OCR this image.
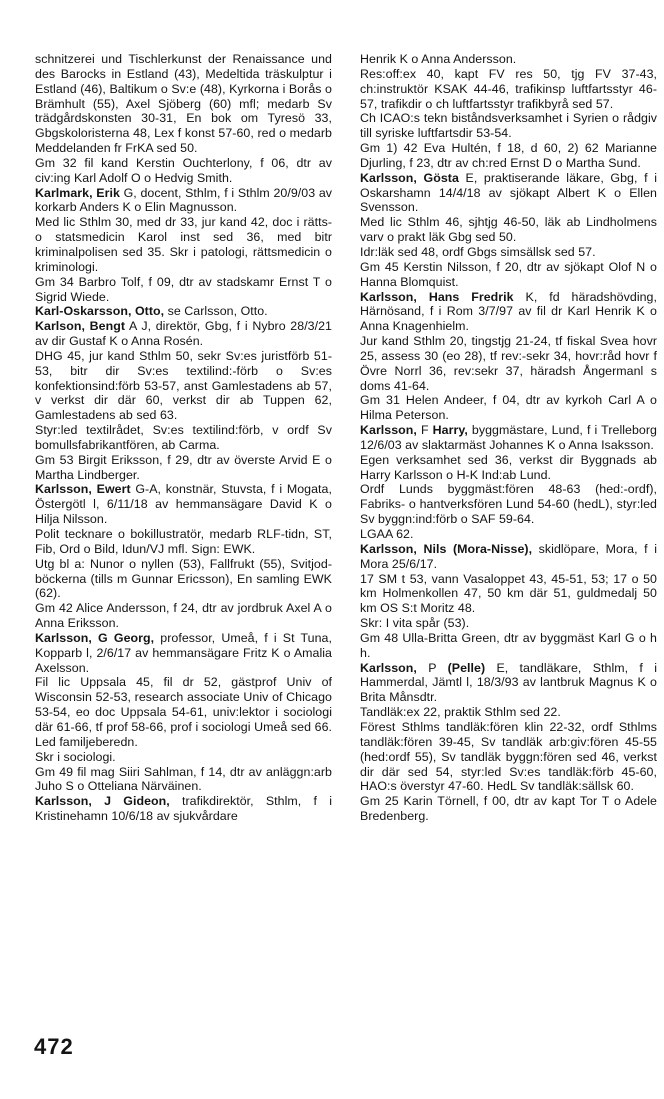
schnitzerei und Tischlerkunst der Renaissance und des Barocks in Estland (43), Medeltida träskulptur i Estland (46), Baltikum o Sv:e (48), Kyrkorna i Borås o Brämhult (55), Axel Sjöberg (60) mfl; medarb Sv trädgårdskonsten 30-31, En bok om Tyresö 33, Gbgskoloristerna 48, Lex f konst 57-60, red o medarb Meddelanden fr FrKA sed 50.

Gm 32 fil kand Kerstin Ouchterlony, f 06, dtr av civ:ing Karl Adolf O o Hedvig Smith.

Karlmark, Erik G, docent, Sthlm, f i Sthlm 20/9/03 av korkarb Anders K o Elin Magnusson.

Med lic Sthlm 30, med dr 33, jur kand 42, doc i rätts- o statsmedicin Karol inst sed 36, med bitr kriminalpolisen sed 35. Skr i patologi, rättsmedicin o kriminologi.

Gm 34 Barbro Tolf, f 09, dtr av stadskamr Ernst T o Sigrid Wiede.

Karl-Oskarsson, Otto, se Carlsson, Otto.

Karlson, Bengt A J, direktör, Gbg, f i Nybro 28/3/21 av dir Gustaf K o Anna Rosén.

DHG 45, jur kand Sthlm 50, sekr Sv:es juristförb 51-53, bitr dir Sv:es textilind:-förb o Sv:es konfektionsind:förb 53-57, anst Gamlestadens ab 57, v verkst dir där 60, verkst dir ab Tuppen 62, Gamlestadens ab sed 63.

Styr:led textilrådet, Sv:es textilind:förb, v ordf Sv bomullsfabrikantfören, ab Carma.

Gm 53 Birgit Eriksson, f 29, dtr av överste Arvid E o Martha Lindberger.

Karlsson, Ewert G-A, konstnär, Stuvsta, f i Mogata, Östergötl l, 6/11/18 av hemmansägare David K o Hilja Nilsson.

Polit tecknare o bokillustratör, medarb RLF-tidn, ST, Fib, Ord o Bild, Idun/VJ mfl. Sign: EWK.

Utg bl a: Nunor o nyllen (53), Fallfrukt (55), Svitjod-böckerna (tills m Gunnar Ericsson), En samling EWK (62).

Gm 42 Alice Andersson, f 24, dtr av jordbruk Axel A o Anna Eriksson.

Karlsson, G Georg, professor, Umeå, f i St Tuna, Kopparb l, 2/6/17 av hemmansägare Fritz K o Amalia Axelsson.

Fil lic Uppsala 45, fil dr 52, gästprof Univ of Wisconsin 52-53, research associate Univ of Chicago 53-54, eo doc Uppsala 54-61, univ:lektor i sociologi där 61-66, tf prof 58-66, prof i sociologi Umeå sed 66. Led familjeberedn.

Skr i sociologi.

Gm 49 fil mag Siiri Sahlman, f 14, dtr av anläggn:arb Juho S o Otteliana Närväinen.

Karlsson, J Gideon, trafikdirektör, Sthlm, f i Kristinehamn 10/6/18 av sjukvårdare

Henrik K o Anna Andersson.

Res:off:ex 40, kapt FV res 50, tjg FV 37-43, ch:instruktör KSAK 44-46, trafikinsp luftfartsstyr 46-57, trafikdir o ch luftfartsstyr trafikbyrå sed 57.

Ch ICAO:s tekn biståndsverksamhet i Syrien o rådgiv till syriske luftfartsdir 53-54.

Gm 1) 42 Eva Hultén, f 18, d 60, 2) 62 Marianne Djurling, f 23, dtr av ch:red Ernst D o Martha Sund.

Karlsson, Gösta E, praktiserande läkare, Gbg, f i Oskarshamn 14/4/18 av sjökapt Albert K o Ellen Svensson.

Med lic Sthlm 46, sjhtjg 46-50, läk ab Lindholmens varv o prakt läk Gbg sed 50.

Idr:läk sed 48, ordf Gbgs simsällsk sed 57.

Gm 45 Kerstin Nilsson, f 20, dtr av sjökapt Olof N o Hanna Blomquist.

Karlsson, Hans Fredrik K, fd häradshövding, Härnösand, f i Rom 3/7/97 av fil dr Karl Henrik K o Anna Knagenhielm.

Jur kand Sthlm 20, tingstjg 21-24, tf fiskal Svea hovr 25, assess 30 (eo 28), tf rev:-sekr 34, hovr:råd hovr f Övre Norrl 36, rev:sekr 37, häradsh Ångermanl s doms 41-64.

Gm 31 Helen Andeer, f 04, dtr av kyrkoh Carl A o Hilma Peterson.

Karlsson, F Harry, byggmästare, Lund, f i Trelleborg 12/6/03 av slaktarmäst Johannes K o Anna Isaksson.

Egen verksamhet sed 36, verkst dir Byggnads ab Harry Karlsson o H-K Ind:ab Lund.

Ordf Lunds byggmäst:fören 48-63 (hed:-ordf), Fabriks- o hantverksfören Lund 54-60 (hedL), styr:led Sv byggn:ind:förb o SAF 59-64.

LGAA 62.

Karlsson, Nils (Mora-Nisse), skidlöpare, Mora, f i Mora 25/6/17.

17 SM t 53, vann Vasaloppet 43, 45-51, 53; 17 o 50 km Holmenkollen 47, 50 km där 51, guldmedalj 50 km OS S:t Moritz 48.

Skr: I vita spår (53).

Gm 48 Ulla-Britta Green, dtr av byggmäst Karl G o h h.

Karlsson, P (Pelle) E, tandläkare, Sthlm, f i Hammerdal, Jämtl l, 18/3/93 av lantbruk Magnus K o Brita Månsdtr.

Tandläk:ex 22, praktik Sthlm sed 22.

Förest Sthlms tandläk:fören klin 22-32, ordf Sthlms tandläk:fören 39-45, Sv tandläk arb:giv:fören 45-55 (hed:ordf 55), Sv tandläk byggn:fören sed 46, verkst dir där sed 54, styr:led Sv:es tandläk:förb 45-60, HAO:s överstyr 47-60. HedL Sv tandläk:sällsk 60.

Gm 25 Karin Törnell, f 00, dtr av kapt Tor T o Adele Bredenberg.

472
